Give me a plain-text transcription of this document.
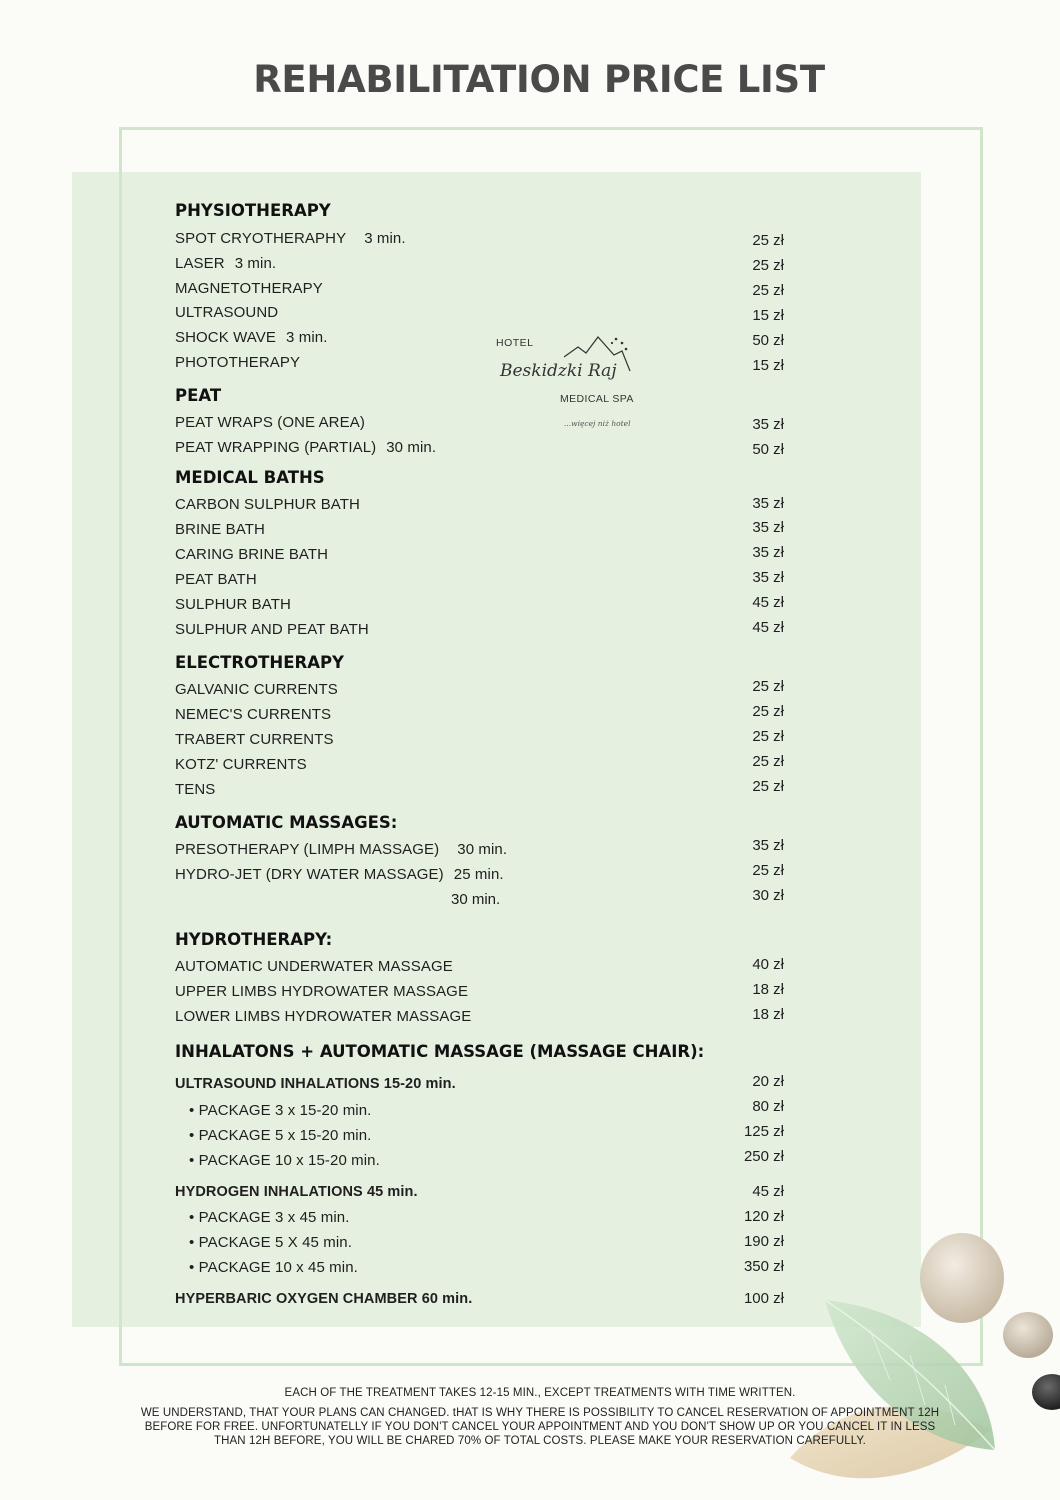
REHABILITATION PRICE LIST
HOTEL
Beskidzki Raj
MEDICAL SPA
...więcej niż hotel
PHYSIOTHERAPY
SPOT CRYOTHERAPHY 3 min.	25 zł
LASER 3 min.	25 zł
MAGNETOTHERAPY	25 zł
ULTRASOUND	15 zł
SHOCK WAVE 3 min.	50 zł
PHOTOTHERAPY	15 zł
PEAT
PEAT WRAPS (ONE AREA)	35 zł
PEAT WRAPPING (PARTIAL) 30 min.	50 zł
MEDICAL BATHS
CARBON SULPHUR BATH	35 zł
BRINE BATH	35 zł
CARING BRINE BATH	35 zł
PEAT BATH	35 zł
SULPHUR BATH	45 zł
SULPHUR AND PEAT BATH	45 zł
ELECTROTHERAPY
GALVANIC CURRENTS	25 zł
NEMEC'S CURRENTS	25 zł
TRABERT CURRENTS	25 zł
KOTZ' CURRENTS	25 zł
TENS	25 zł
AUTOMATIC MASSAGES:
PRESOTHERAPY (LIMPH MASSAGE) 30 min.	35 zł
HYDRO-JET (DRY WATER MASSAGE) 25 min.	25 zł
30 min.	30 zł
HYDROTHERAPY:
AUTOMATIC UNDERWATER MASSAGE	40 zł
UPPER LIMBS HYDROWATER MASSAGE	18 zł
LOWER LIMBS HYDROWATER MASSAGE	18 zł
INHALATONS + AUTOMATIC MASSAGE (MASSAGE CHAIR):
ULTRASOUND INHALATIONS 15-20 min.	20 zł
• PACKAGE 3 x 15-20 min.	80 zł
• PACKAGE 5 x 15-20 min.	125 zł
• PACKAGE 10 x 15-20 min.	250 zł
HYDROGEN INHALATIONS 45 min.	45 zł
• PACKAGE 3 x 45 min.	120 zł
• PACKAGE 5 X 45 min.	190 zł
• PACKAGE 10 x 45 min.	350 zł
HYPERBARIC OXYGEN CHAMBER 60 min.	100 zł
EACH OF THE TREATMENT TAKES 12-15 MIN., EXCEPT TREATMENTS WITH TIME WRITTEN.
WE UNDERSTAND, THAT YOUR PLANS CAN CHANGED. tHAT IS WHY THERE IS POSSIBILITY TO CANCEL RESERVATION OF APPOINTMENT 12H
BEFORE FOR FREE. UNFORTUNATELLY IF YOU DON'T CANCEL YOUR APPOINTMENT AND YOU DON'T SHOW UP OR YOU CANCEL IT IN LESS
THAN 12H BEFORE, YOU WILL BE CHARED 70% OF TOTAL COSTS. PLEASE MAKE YOUR RESERVATION CAREFULLY.
